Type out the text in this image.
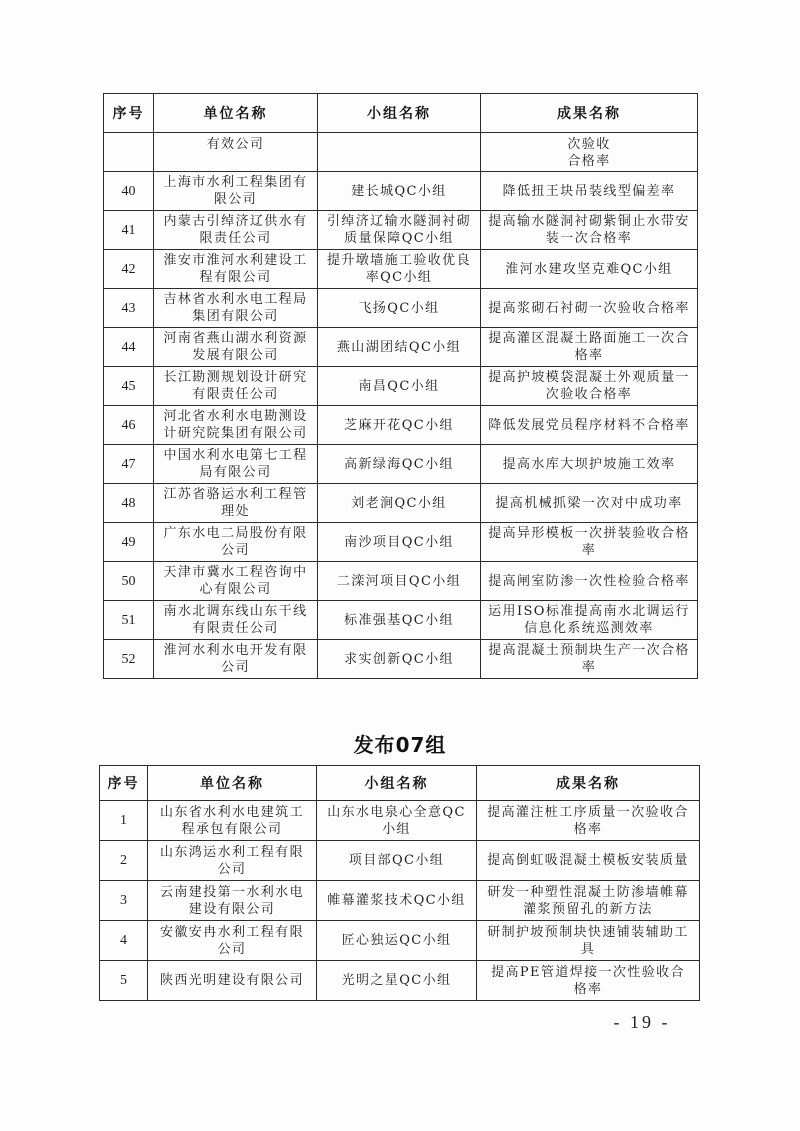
序号	单位名称	小组名称	成果名称
	有效公司		次验收
合格率
40	上海市水利工程集团有
限公司	建长城QC小组	降低扭王块吊装线型偏差率
41	内蒙古引绰济辽供水有
限责任公司	引绰济辽输水隧洞衬砌
质量保障QC小组	提高输水隧洞衬砌紫铜止水带安
装一次合格率
42	淮安市淮河水利建设工
程有限公司	提升墩墙施工验收优良
率QC小组	淮河水建攻坚克难QC小组
43	吉林省水利水电工程局
集团有限公司	飞扬QC小组	提高浆砌石衬砌一次验收合格率
44	河南省燕山湖水利资源
发展有限公司	燕山湖团结QC小组	提高灌区混凝土路面施工一次合
格率
45	长江勘测规划设计研究
有限责任公司	南昌QC小组	提高护坡模袋混凝土外观质量一
次验收合格率
46	河北省水利水电勘测设
计研究院集团有限公司	芝麻开花QC小组	降低发展党员程序材料不合格率
47	中国水利水电第七工程
局有限公司	高新绿海QC小组	提高水库大坝护坡施工效率
48	江苏省骆运水利工程管
理处	刘老涧QC小组	提高机械抓梁一次对中成功率
49	广东水电二局股份有限
公司	南沙项目QC小组	提高异形模板一次拼装验收合格
率
50	天津市冀水工程咨询中
心有限公司	二滦河项目QC小组	提高闸室防渗一次性检验合格率
51	南水北调东线山东干线
有限责任公司	标准强基QC小组	运用ISO标准提高南水北调运行
信息化系统巡测效率
52	淮河水利水电开发有限
公司	求实创新QC小组	提高混凝土预制块生产一次合格
率
发布07组
序号	单位名称	小组名称	成果名称
1	山东省水利水电建筑工
程承包有限公司	山东水电泉心全意QC
小组	提高灌注桩工序质量一次验收合
格率
2	山东鸿运水利工程有限
公司	项目部QC小组	提高倒虹吸混凝土模板安装质量
3	云南建投第一水利水电
建设有限公司	帷幕灌浆技术QC小组	研发一种塑性混凝土防渗墙帷幕
灌浆预留孔的新方法
4	安徽安冉水利工程有限
公司	匠心独运QC小组	研制护坡预制块快速铺装辅助工
具
5	陕西光明建设有限公司	光明之星QC小组	提高PE管道焊接一次性验收合
格率
- 19 -
